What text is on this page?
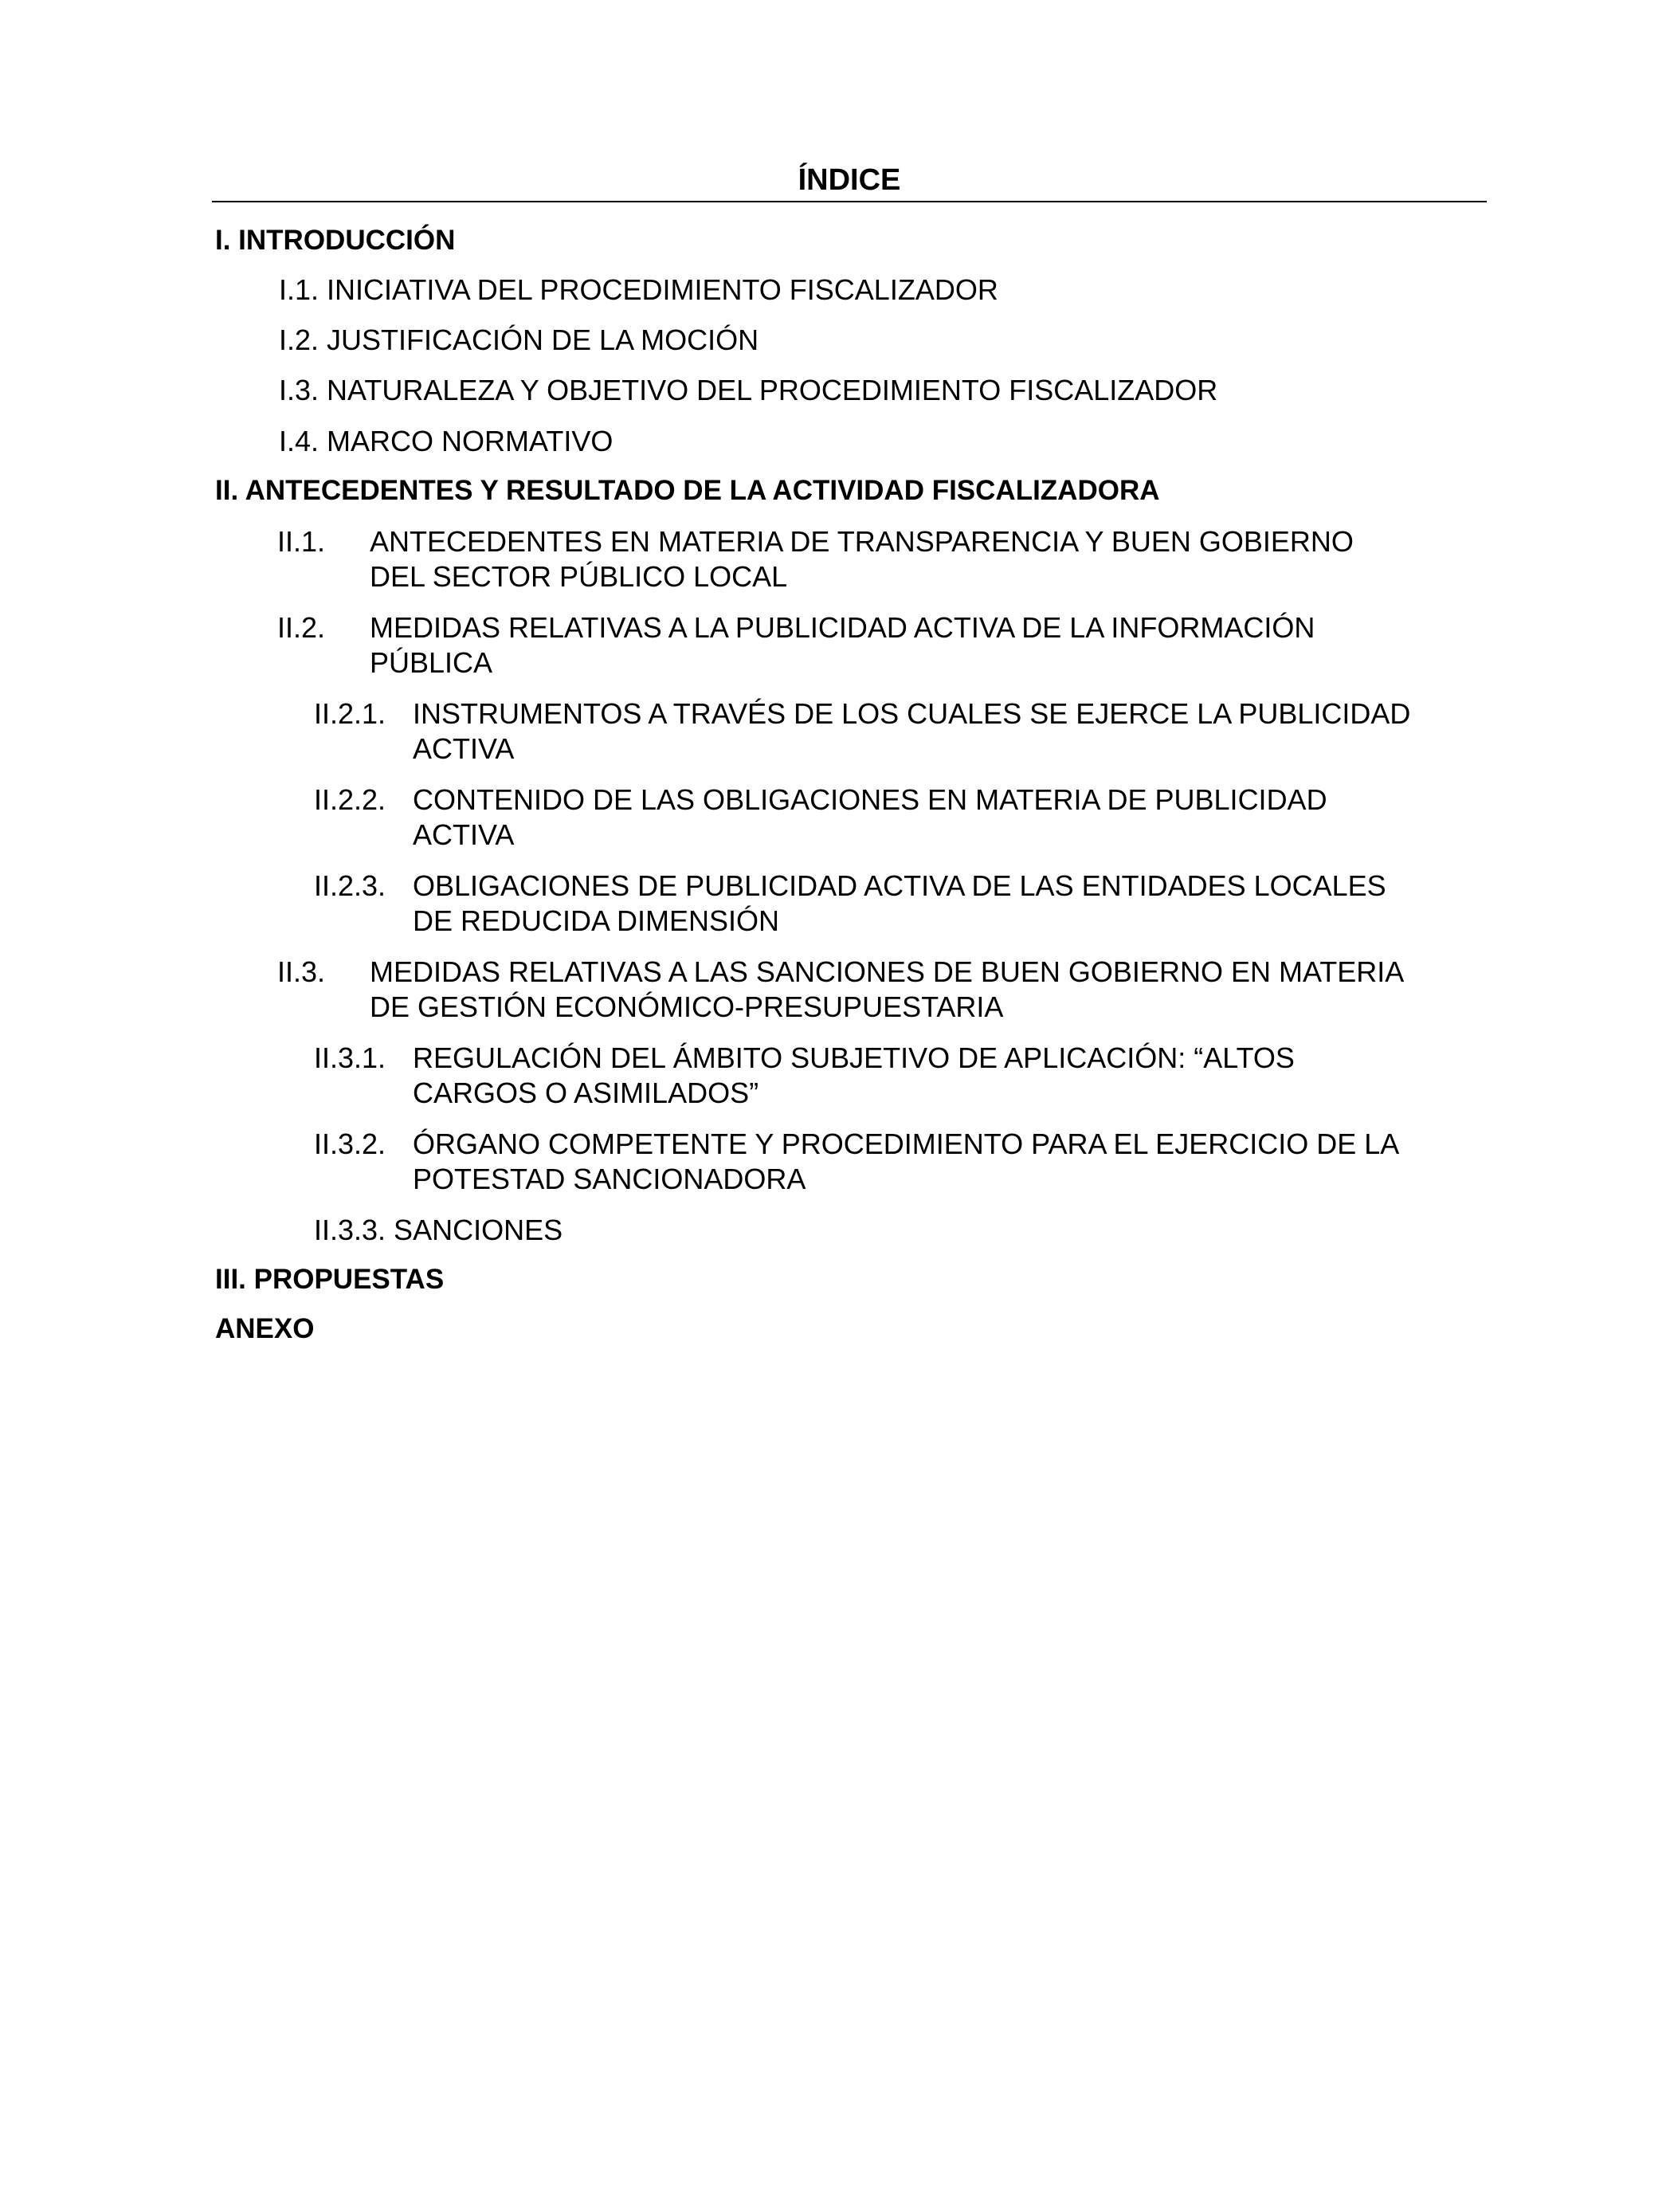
ÍNDICE
I. INTRODUCCIÓN
I.1. INICIATIVA DEL PROCEDIMIENTO FISCALIZADOR
I.2. JUSTIFICACIÓN DE LA MOCIÓN
I.3. NATURALEZA Y OBJETIVO DEL PROCEDIMIENTO FISCALIZADOR
I.4. MARCO NORMATIVO
II. ANTECEDENTES Y RESULTADO DE LA ACTIVIDAD FISCALIZADORA
II.1. ANTECEDENTES EN MATERIA DE TRANSPARENCIA Y BUEN GOBIERNO
DEL SECTOR PÚBLICO LOCAL
II.2. MEDIDAS RELATIVAS A LA PUBLICIDAD ACTIVA DE LA INFORMACIÓN
PÚBLICA
II.2.1. INSTRUMENTOS A TRAVÉS DE LOS CUALES SE EJERCE LA PUBLICIDAD
ACTIVA
II.2.2. CONTENIDO DE LAS OBLIGACIONES EN MATERIA DE PUBLICIDAD
ACTIVA
II.2.3. OBLIGACIONES DE PUBLICIDAD ACTIVA DE LAS ENTIDADES LOCALES
DE REDUCIDA DIMENSIÓN
II.3. MEDIDAS RELATIVAS A LAS SANCIONES DE BUEN GOBIERNO EN MATERIA
DE GESTIÓN ECONÓMICO-PRESUPUESTARIA
II.3.1. REGULACIÓN DEL ÁMBITO SUBJETIVO DE APLICACIÓN: “ALTOS
CARGOS O ASIMILADOS”
II.3.2. ÓRGANO COMPETENTE Y PROCEDIMIENTO PARA EL EJERCICIO DE LA
POTESTAD SANCIONADORA
II.3.3. SANCIONES
III. PROPUESTAS
ANEXO
